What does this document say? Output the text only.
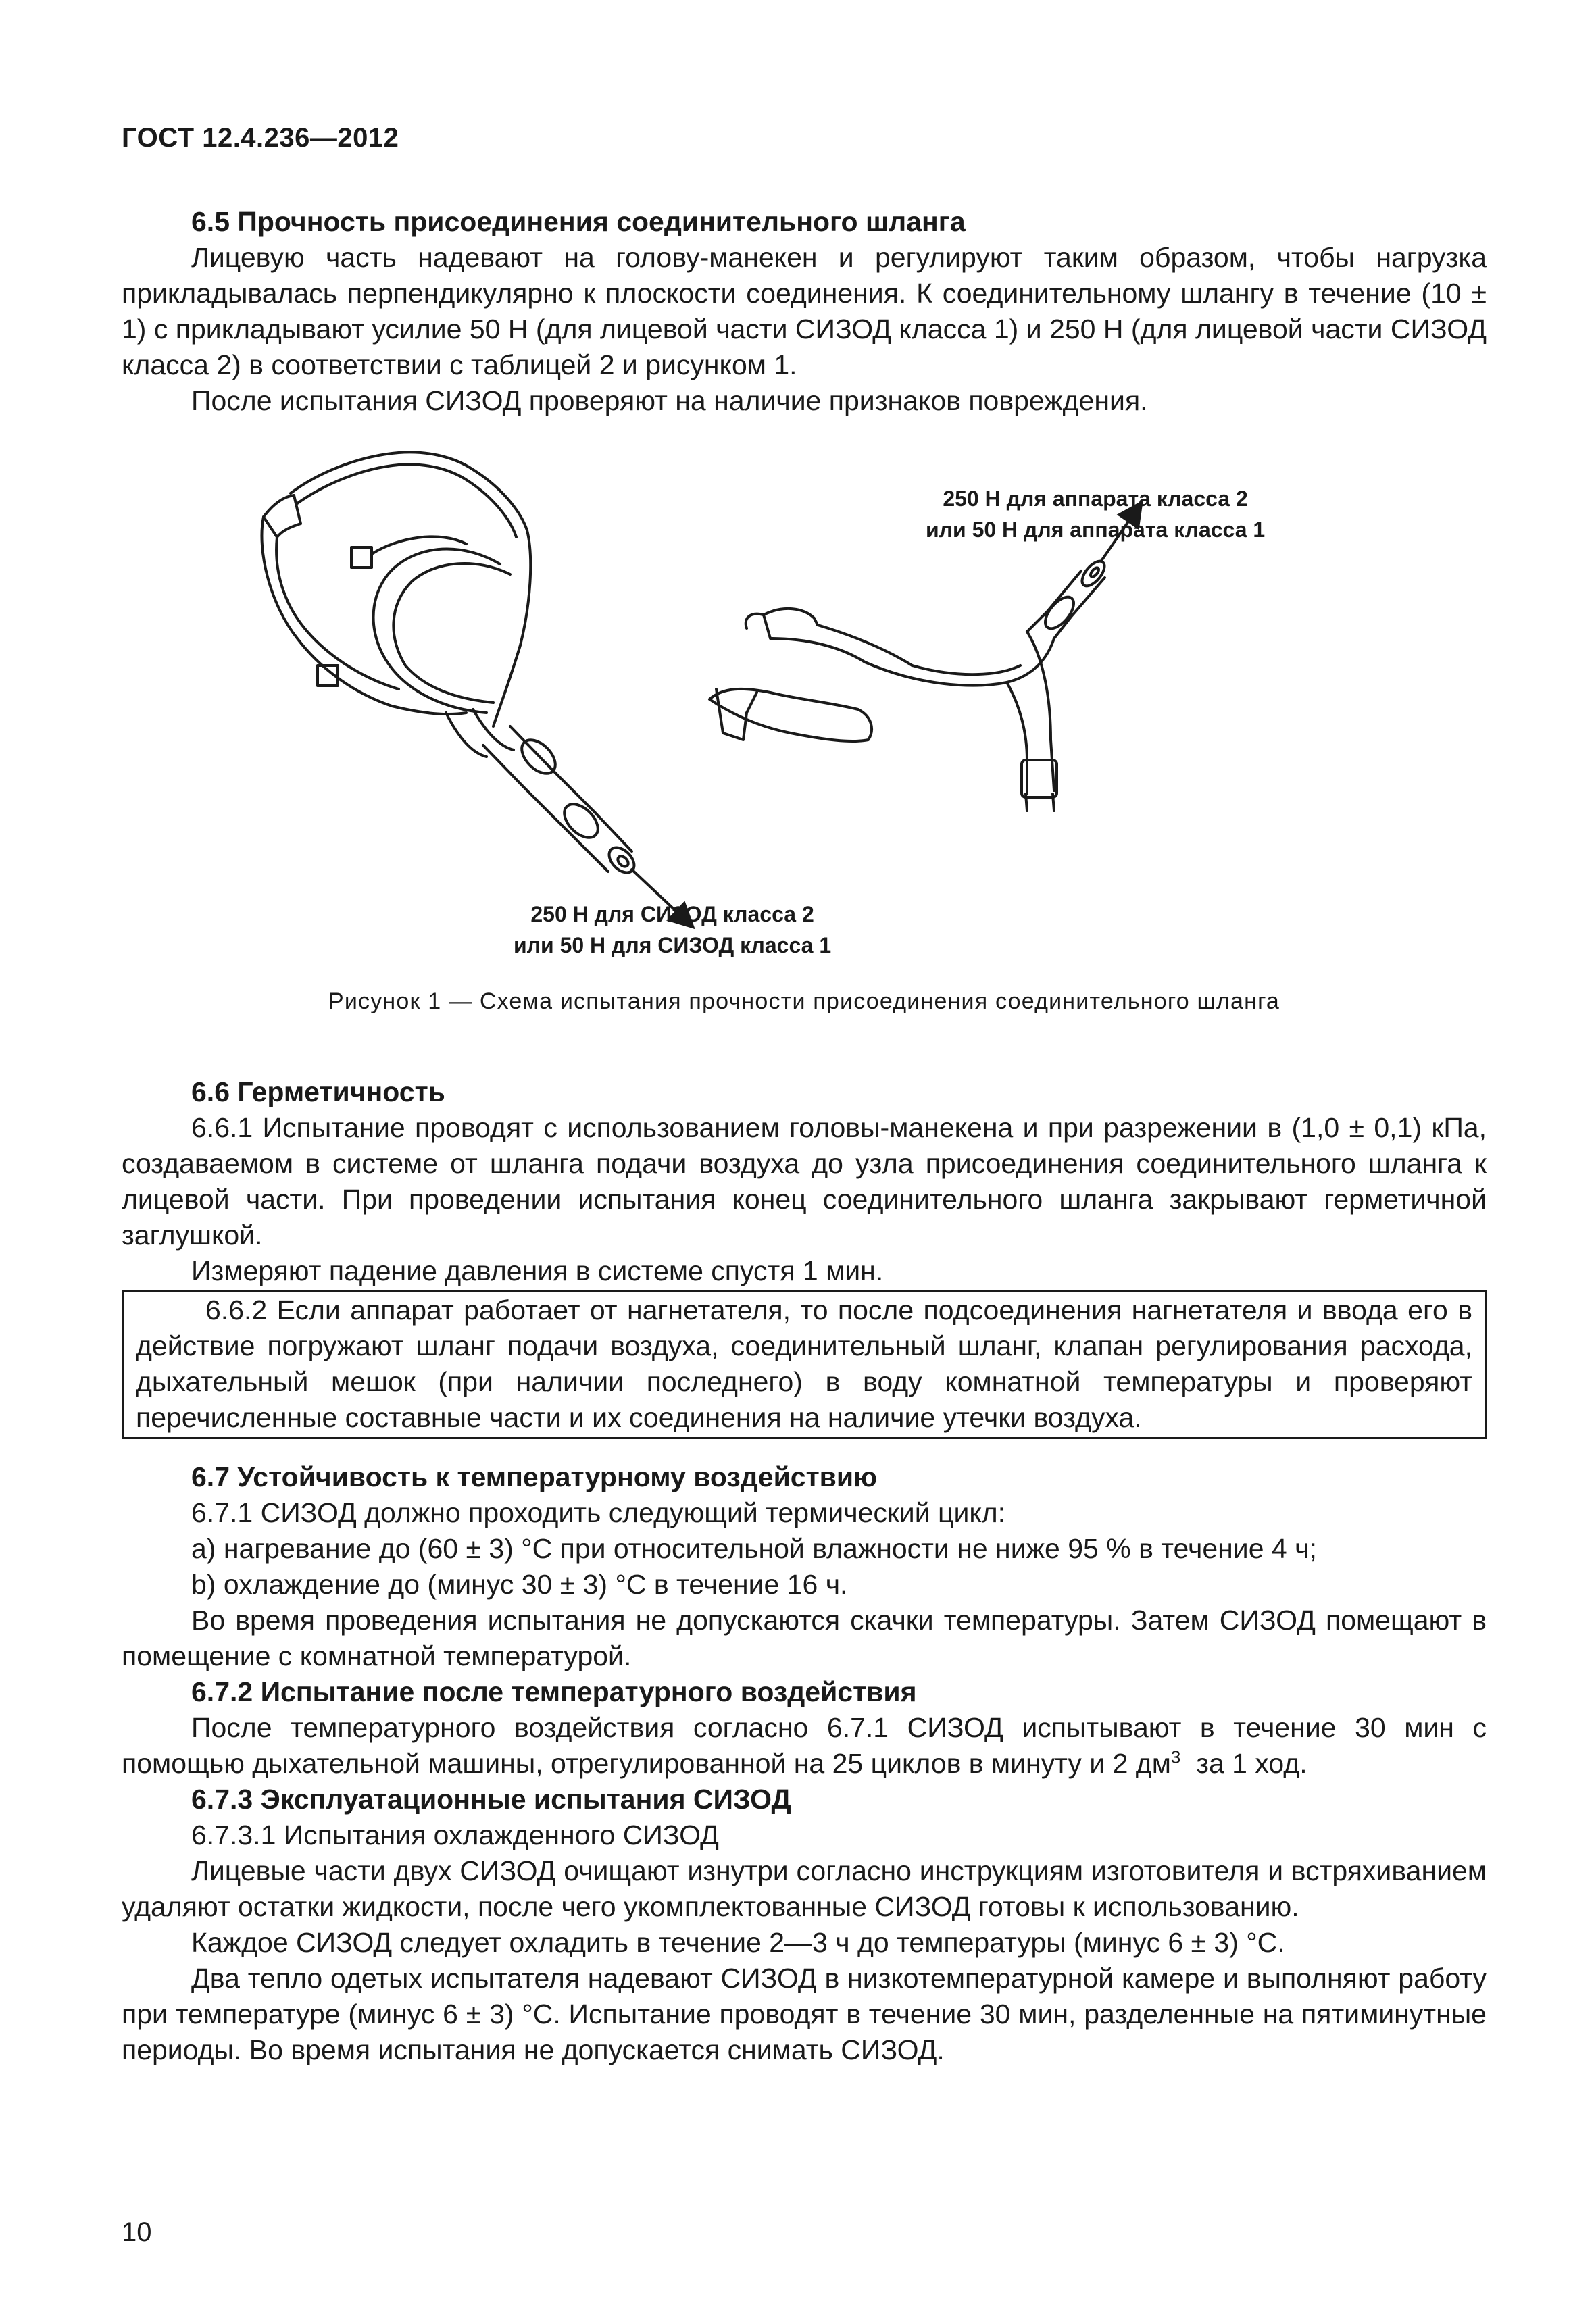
ГОСТ 12.4.236—2012

6.5 Прочность присоединения соединительного шланга

Лицевую часть надевают на голову-манекен и регулируют таким образом, чтобы нагрузка прикладывалась перпендикулярно к плоскости соединения. К соединительному шлангу в течение (10 ± 1) с прикладывают усилие 50 Н (для лицевой части СИЗОД класса 1) и 250 Н (для лицевой части СИЗОД класса 2) в соответствии с таблицей 2 и рисунком 1.

После испытания СИЗОД проверяют на наличие признаков повреждения.

250 Н для аппарата класса 2
или 50 Н для аппарата класса 1
250 Н для СИЗОД класса 2
или 50 Н для СИЗОД класса 1
Рисунок 1 — Схема испытания прочности присоединения соединительного шланга

6.6 Герметичность

6.6.1 Испытание проводят с использованием головы-манекена и при разрежении в (1,0 ± 0,1) кПа, создаваемом в системе от шланга подачи воздуха до узла присоединения соединительного шланга к лицевой части. При проведении испытания конец соединительного шланга закрывают герметичной заглушкой.

Измеряют падение давления в системе спустя 1 мин.

6.6.2 Если аппарат работает от нагнетателя, то после подсоединения нагнетателя и ввода его в действие погружают шланг подачи воздуха, соединительный шланг, клапан регулирования расхода, дыхательный мешок (при наличии последнего) в воду комнатной температуры и проверяют перечисленные составные части и их соединения на наличие утечки воздуха.

6.7 Устойчивость к температурному воздействию

6.7.1 СИЗОД должно проходить следующий термический цикл:

а) нагревание до (60 ± 3) °С при относительной влажности не ниже 95 % в течение 4 ч;

b) охлаждение до (минус 30 ± 3) °С в течение 16 ч.

Во время проведения испытания не допускаются скачки температуры. Затем СИЗОД помещают в помещение с комнатной температурой.

6.7.2 Испытание после температурного воздействия

После температурного воздействия согласно 6.7.1 СИЗОД испытывают в течение 30 мин с помощью дыхательной машины, отрегулированной на 25 циклов в минуту и 2 $дм^3$  за 1 ход.

6.7.3 Эксплуатационные испытания СИЗОД

6.7.3.1 Испытания охлажденного СИЗОД

Лицевые части двух СИЗОД очищают изнутри согласно инструкциям изготовителя и встряхиванием удаляют остатки жидкости, после чего укомплектованные СИЗОД готовы к использованию.

Каждое СИЗОД следует охладить в течение 2—3 ч до температуры (минус 6 ± 3) °С.

Два тепло одетых испытателя надевают СИЗОД в низкотемпературной камере и выполняют работу при температуре (минус 6 ± 3) °С. Испытание проводят в течение 30 мин, разделенные на пятиминутные периоды. Во время испытания не допускается снимать СИЗОД.

10
